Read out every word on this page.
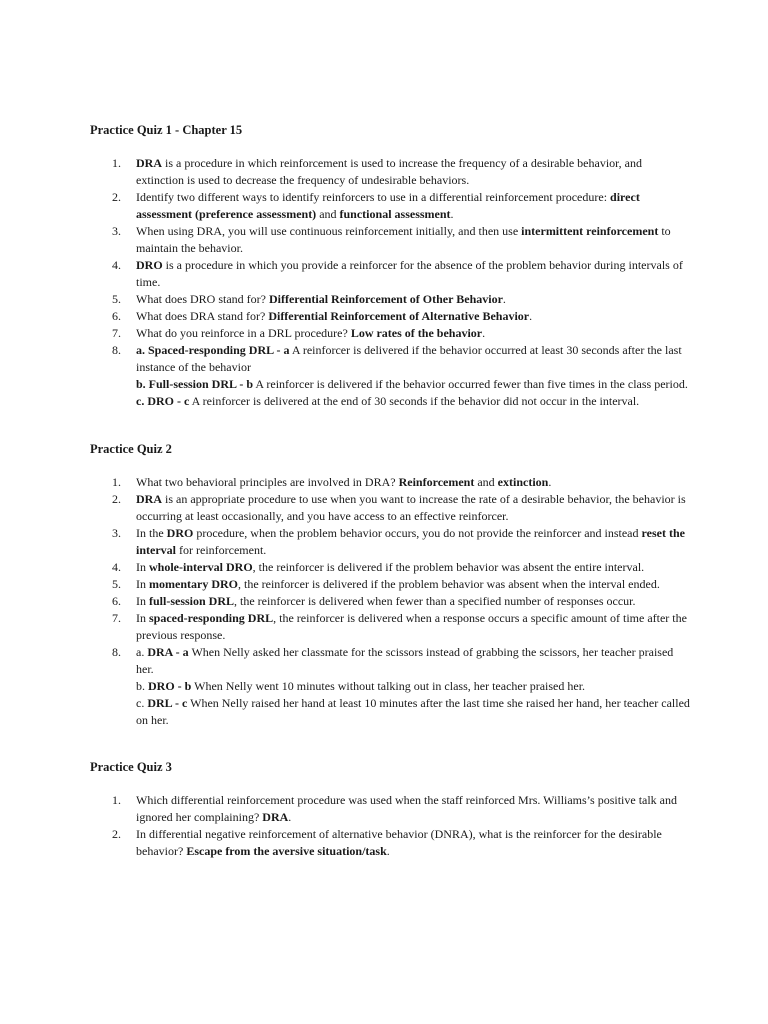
Practice Quiz 1 - Chapter 15

1. DRA is a procedure in which reinforcement is used to increase the frequency of a desirable behavior, and extinction is used to decrease the frequency of undesirable behaviors.
2. Identify two different ways to identify reinforcers to use in a differential reinforcement procedure: direct assessment (preference assessment) and functional assessment.
3. When using DRA, you will use continuous reinforcement initially, and then use intermittent reinforcement to maintain the behavior.
4. DRO is a procedure in which you provide a reinforcer for the absence of the problem behavior during intervals of time.
5. What does DRO stand for? Differential Reinforcement of Other Behavior.
6. What does DRA stand for? Differential Reinforcement of Alternative Behavior.
7. What do you reinforce in a DRL procedure? Low rates of the behavior.
8. a. Spaced-responding DRL - a A reinforcer is delivered if the behavior occurred at least 30 seconds after the last instance of the behavior
b. Full-session DRL - b A reinforcer is delivered if the behavior occurred fewer than five times in the class period.
c. DRO - c A reinforcer is delivered at the end of 30 seconds if the behavior did not occur in the interval.

Practice Quiz 2

1. What two behavioral principles are involved in DRA? Reinforcement and extinction.
2. DRA is an appropriate procedure to use when you want to increase the rate of a desirable behavior, the behavior is occurring at least occasionally, and you have access to an effective reinforcer.
3. In the DRO procedure, when the problem behavior occurs, you do not provide the reinforcer and instead reset the interval for reinforcement.
4. In whole-interval DRO, the reinforcer is delivered if the problem behavior was absent the entire interval.
5. In momentary DRO, the reinforcer is delivered if the problem behavior was absent when the interval ended.
6. In full-session DRL, the reinforcer is delivered when fewer than a specified number of responses occur.
7. In spaced-responding DRL, the reinforcer is delivered when a response occurs a specific amount of time after the previous response.
8. a. DRA - a When Nelly asked her classmate for the scissors instead of grabbing the scissors, her teacher praised her.
b. DRO - b When Nelly went 10 minutes without talking out in class, her teacher praised her.
c. DRL - c When Nelly raised her hand at least 10 minutes after the last time she raised her hand, her teacher called on her.

Practice Quiz 3

1. Which differential reinforcement procedure was used when the staff reinforced Mrs. Williams’s positive talk and ignored her complaining? DRA.
2. In differential negative reinforcement of alternative behavior (DNRA), what is the reinforcer for the desirable behavior? Escape from the aversive situation/task.
